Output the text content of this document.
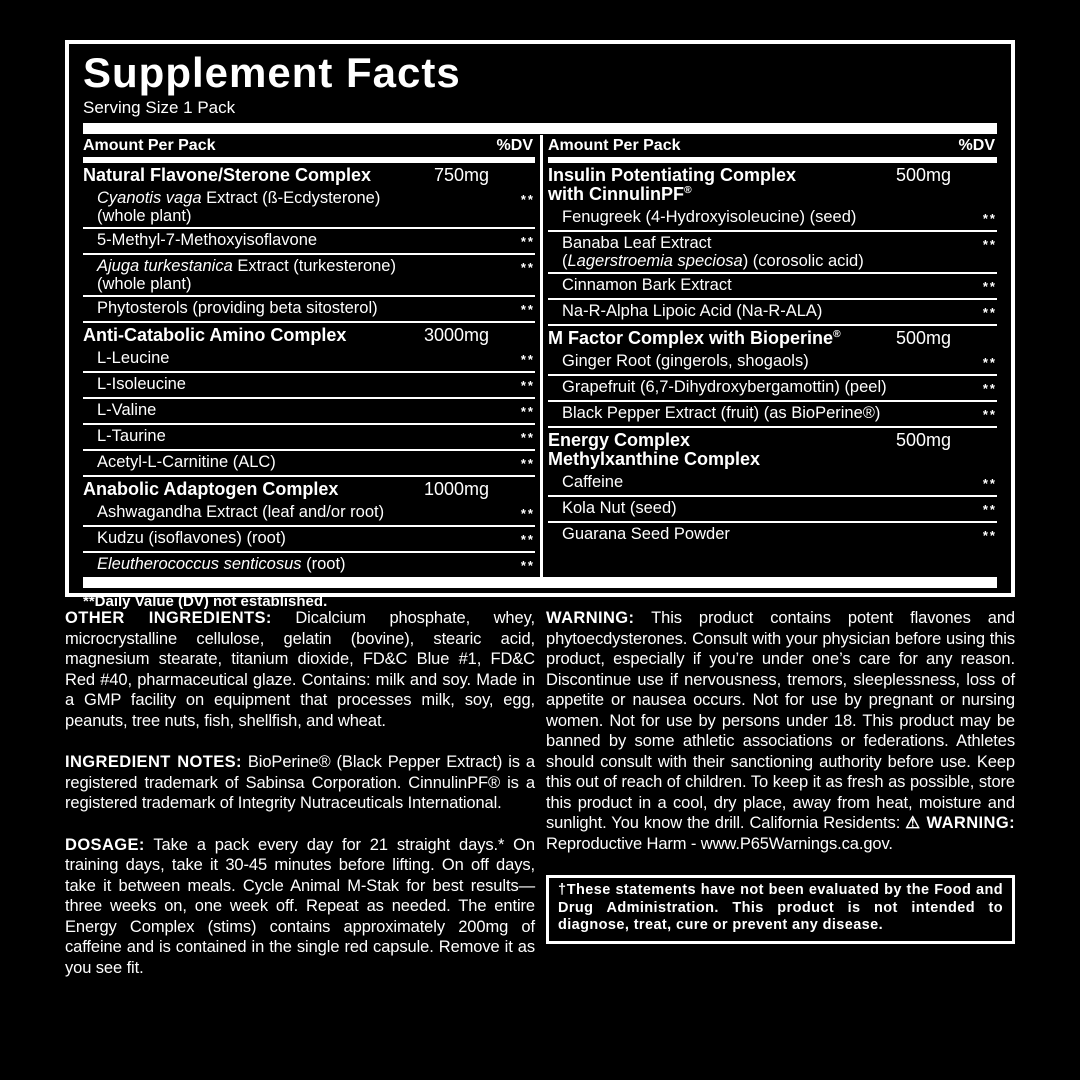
Supplement Facts
Serving Size 1 Pack
Amount Per Pack	%DV
Natural Flavone/Sterone Complex	750mg
Cyanotis vaga Extract (ß-Ecdysterone)
(whole plant)
**
5-Methyl-7-Methoxyisoflavone	**
Ajuga turkestanica Extract (turkesterone)
(whole plant)
**
Phytosterols (providing beta sitosterol)	**
Anti-Catabolic Amino Complex	3000mg
L-Leucine	**
L-Isoleucine	**
L-Valine	**
L-Taurine	**
Acetyl-L-Carnitine (ALC)	**
Anabolic Adaptogen Complex	1000mg
Ashwagandha Extract (leaf and/or root)	**
Kudzu (isoflavones) (root)	**
Eleutherococcus senticosus (root)	**
Amount Per Pack	%DV
Insulin Potentiating Complex
with CinnulinPF®
500mg
Fenugreek (4-Hydroxyisoleucine) (seed)	**
Banaba Leaf Extract
(Lagerstroemia speciosa) (corosolic acid)
**
Cinnamon Bark Extract	**
Na-R-Alpha Lipoic Acid (Na-R-ALA)	**
M Factor Complex with Bioperine®	500mg
Ginger Root (gingerols, shogaols)	**
Grapefruit (6,7-Dihydroxybergamottin) (peel)	**
Black Pepper Extract (fruit) (as BioPerine®)	**
Energy Complex
Methylxanthine Complex
500mg
Caffeine	**
Kola Nut (seed)	**
Guarana Seed Powder	**
**Daily Value (DV) not established.

OTHER INGREDIENTS: Dicalcium phosphate, whey, microcrystalline cellulose, gelatin (bovine), stearic acid, magnesium stearate, titanium dioxide, FD&C Blue #1, FD&C Red #40, pharmaceutical glaze. Contains: milk and soy. Made in a GMP facility on equipment that processes milk, soy, egg, peanuts, tree nuts, fish, shellfish, and wheat.

INGREDIENT NOTES: BioPerine® (Black Pepper Extract) is a registered trademark of Sabinsa Corporation. CinnulinPF® is a registered trademark of Integrity Nutraceuticals International.

DOSAGE: Take a pack every day for 21 straight days.* On training days, take it 30-45 minutes before lifting. On off days, take it between meals. Cycle Animal M-Stak for best results—three weeks on, one week off. Repeat as needed. The entire Energy Complex (stims) contains approximately 200mg of caffeine and is contained in the single red capsule. Remove it as you see fit.

WARNING: This product contains potent flavones and phytoecdysterones. Consult with your physician before using this product, especially if you’re under one’s care for any reason. Discontinue use if nervousness, tremors, sleeplessness, loss of appetite or nausea occurs. Not for use by pregnant or nursing women. Not for use by persons under 18. This product may be banned by some athletic associations or federations. Athletes should consult with their sanctioning authority before use. Keep this out of reach of children. To keep it as fresh as possible, store this product in a cool, dry place, away from heat, moisture and sunlight. You know the drill. California Residents: ⚠ WARNING: Reproductive Harm - www.P65Warnings.ca.gov.

†These statements have not been evaluated by the Food and Drug Administration. This product is not intended to diagnose, treat, cure or prevent any disease.
